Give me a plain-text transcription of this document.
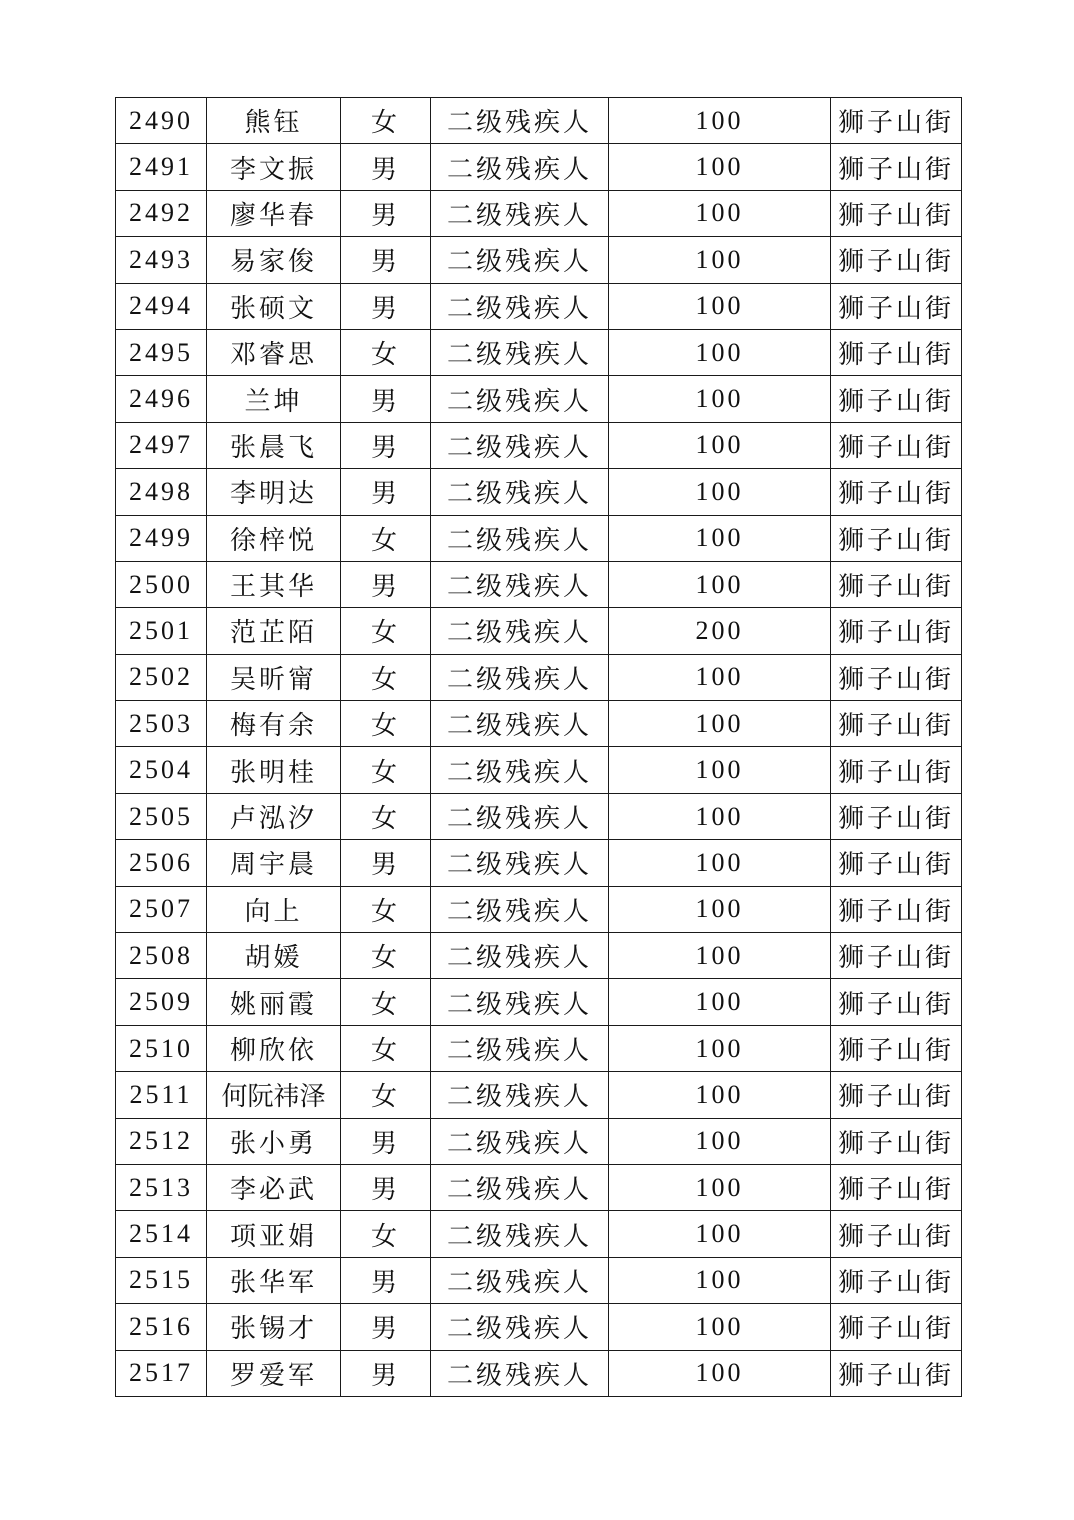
2490	熊钰	女	二级残疾人	100	狮子山街
2491	李文振	男	二级残疾人	100	狮子山街
2492	廖华春	男	二级残疾人	100	狮子山街
2493	易家俊	男	二级残疾人	100	狮子山街
2494	张硕文	男	二级残疾人	100	狮子山街
2495	邓睿思	女	二级残疾人	100	狮子山街
2496	兰坤	男	二级残疾人	100	狮子山街
2497	张晨飞	男	二级残疾人	100	狮子山街
2498	李明达	男	二级残疾人	100	狮子山街
2499	徐梓悦	女	二级残疾人	100	狮子山街
2500	王其华	男	二级残疾人	100	狮子山街
2501	范芷陌	女	二级残疾人	200	狮子山街
2502	吴昕甯	女	二级残疾人	100	狮子山街
2503	梅有余	女	二级残疾人	100	狮子山街
2504	张明桂	女	二级残疾人	100	狮子山街
2505	卢泓汐	女	二级残疾人	100	狮子山街
2506	周宇晨	男	二级残疾人	100	狮子山街
2507	向上	女	二级残疾人	100	狮子山街
2508	胡媛	女	二级残疾人	100	狮子山街
2509	姚丽霞	女	二级残疾人	100	狮子山街
2510	柳欣依	女	二级残疾人	100	狮子山街
2511	何阮祎泽	女	二级残疾人	100	狮子山街
2512	张小勇	男	二级残疾人	100	狮子山街
2513	李必武	男	二级残疾人	100	狮子山街
2514	项亚娟	女	二级残疾人	100	狮子山街
2515	张华军	男	二级残疾人	100	狮子山街
2516	张锡才	男	二级残疾人	100	狮子山街
2517	罗爱军	男	二级残疾人	100	狮子山街
